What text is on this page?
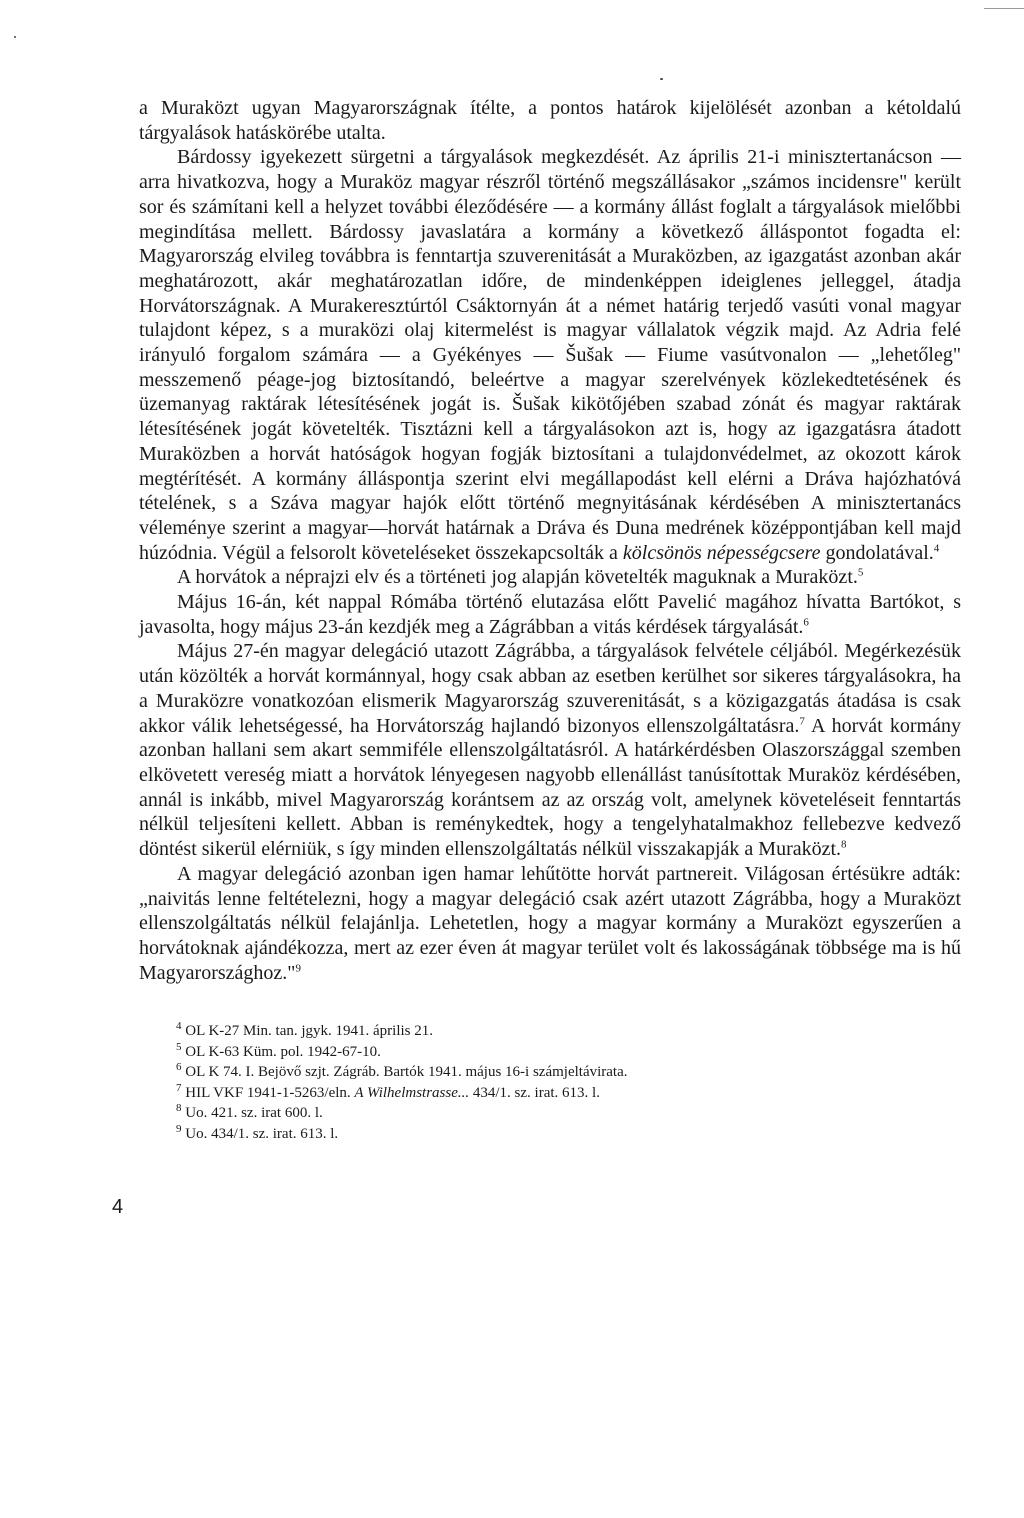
a Muraközt ugyan Magyarországnak ítélte, a pontos határok kijelölését azonban a kétoldalú tárgyalások hatáskörébe utalta.

Bárdossy igyekezett sürgetni a tárgyalások megkezdését. Az április 21-i minisztertanácson — arra hivatkozva, hogy a Muraköz magyar részről történő megszállásakor „számos incidensre" került sor és számítani kell a helyzet további éleződésére — a kormány állást foglalt a tárgyalások mielőbbi megindítása mellett. Bárdossy javaslatára a kormány a következő álláspontot fogadta el: Magyarország elvileg továbbra is fenntartja szuverenitását a Muraközben, az igazgatást azonban akár meghatározott, akár meghatározatlan időre, de mindenképpen ideiglenes jelleggel, átadja Horvátországnak. A Murakeresztúrtól Csáktornyán át a német határig terjedő vasúti vonal magyar tulajdont képez, s a muraközi olaj kitermelést is magyar vállalatok végzik majd. Az Adria felé irányuló forgalom számára — a Gyékényes — Šušak — Fiume vasútvonalon — „lehetőleg" messzemenő péage-jog biztosítandó, beleértve a magyar szerelvények közlekedtetésének és üzemanyag raktárak létesítésének jogát is. Šušak kikötőjében szabad zónát és magyar raktárak létesítésének jogát követelték. Tisztázni kell a tárgyalásokon azt is, hogy az igazgatásra átadott Muraközben a horvát hatóságok hogyan fogják biztosítani a tulajdonvédelmet, az okozott károk megtérítését. A kormány álláspontja szerint elvi megállapodást kell elérni a Dráva hajózhatóvá tételének, s a Száva magyar hajók előtt történő megnyitásának kérdésében A minisztertanács véleménye szerint a magyar—horvát határnak a Dráva és Duna medrének középpontjában kell majd húzódnia. Végül a felsorolt követeléseket összekapcsolták a kölcsönös népességcsere gondolatával.$^4$

A horvátok a néprajzi elv és a történeti jog alapján követelték maguknak a Muraközt.$^5$

Május 16-án, két nappal Rómába történő elutazása előtt Pavelić magához hívatta Bartókot, s javasolta, hogy május 23-án kezdjék meg a Zágrábban a vitás kérdések tárgyalását.$^6$

Május 27-én magyar delegáció utazott Zágrábba, a tárgyalások felvétele céljából. Megérkezésük után közölték a horvát kormánnyal, hogy csak abban az esetben kerülhet sor sikeres tárgyalásokra, ha a Muraközre vonatkozóan elismerik Magyarország szuverenitását, s a közigazgatás átadása is csak akkor válik lehetségessé, ha Horvátország hajlandó bizonyos ellenszolgáltatásra.$^7$ A horvát kormány azonban hallani sem akart semmiféle ellenszolgáltatásról. A határkérdésben Olaszországgal szemben elkövetett vereség miatt a horvátok lényegesen nagyobb ellenállást tanúsítottak Muraköz kérdésében, annál is inkább, mivel Magyarország korántsem az az ország volt, amelynek követeléseit fenntartás nélkül teljesíteni kellett. Abban is reménykedtek, hogy a tengelyhatalmakhoz fellebezve kedvező döntést sikerül elérniük, s így minden ellenszolgáltatás nélkül visszakapják a Muraközt.$^8$

A magyar delegáció azonban igen hamar lehűtötte horvát partnereit. Világosan értésükre adták: „naivitás lenne feltételezni, hogy a magyar delegáció csak azért utazott Zágrábba, hogy a Muraközt ellenszolgáltatás nélkül felajánlja. Lehetetlen, hogy a magyar kormány a Muraközt egyszerűen a horvátoknak ajándékozza, mert az ezer éven át magyar terület volt és lakosságának többsége ma is hű Magyarországhoz."$^9$

$^4$ OL K-27 Min. tan. jgyk. 1941. április 21.

$^5$ OL K-63 Küm. pol. 1942-67-10.

$^6$ OL K 74. I. Bejövő szjt. Zágráb. Bartók 1941. május 16-i számjeltávirata.

$^7$ HIL VKF 1941-1-5263/eln. A Wilhelmstrasse... 434/1. sz. irat. 613. l.

$^8$ Uo. 421. sz. irat 600. l.

$^9$ Uo. 434/1. sz. irat. 613. l.

4
